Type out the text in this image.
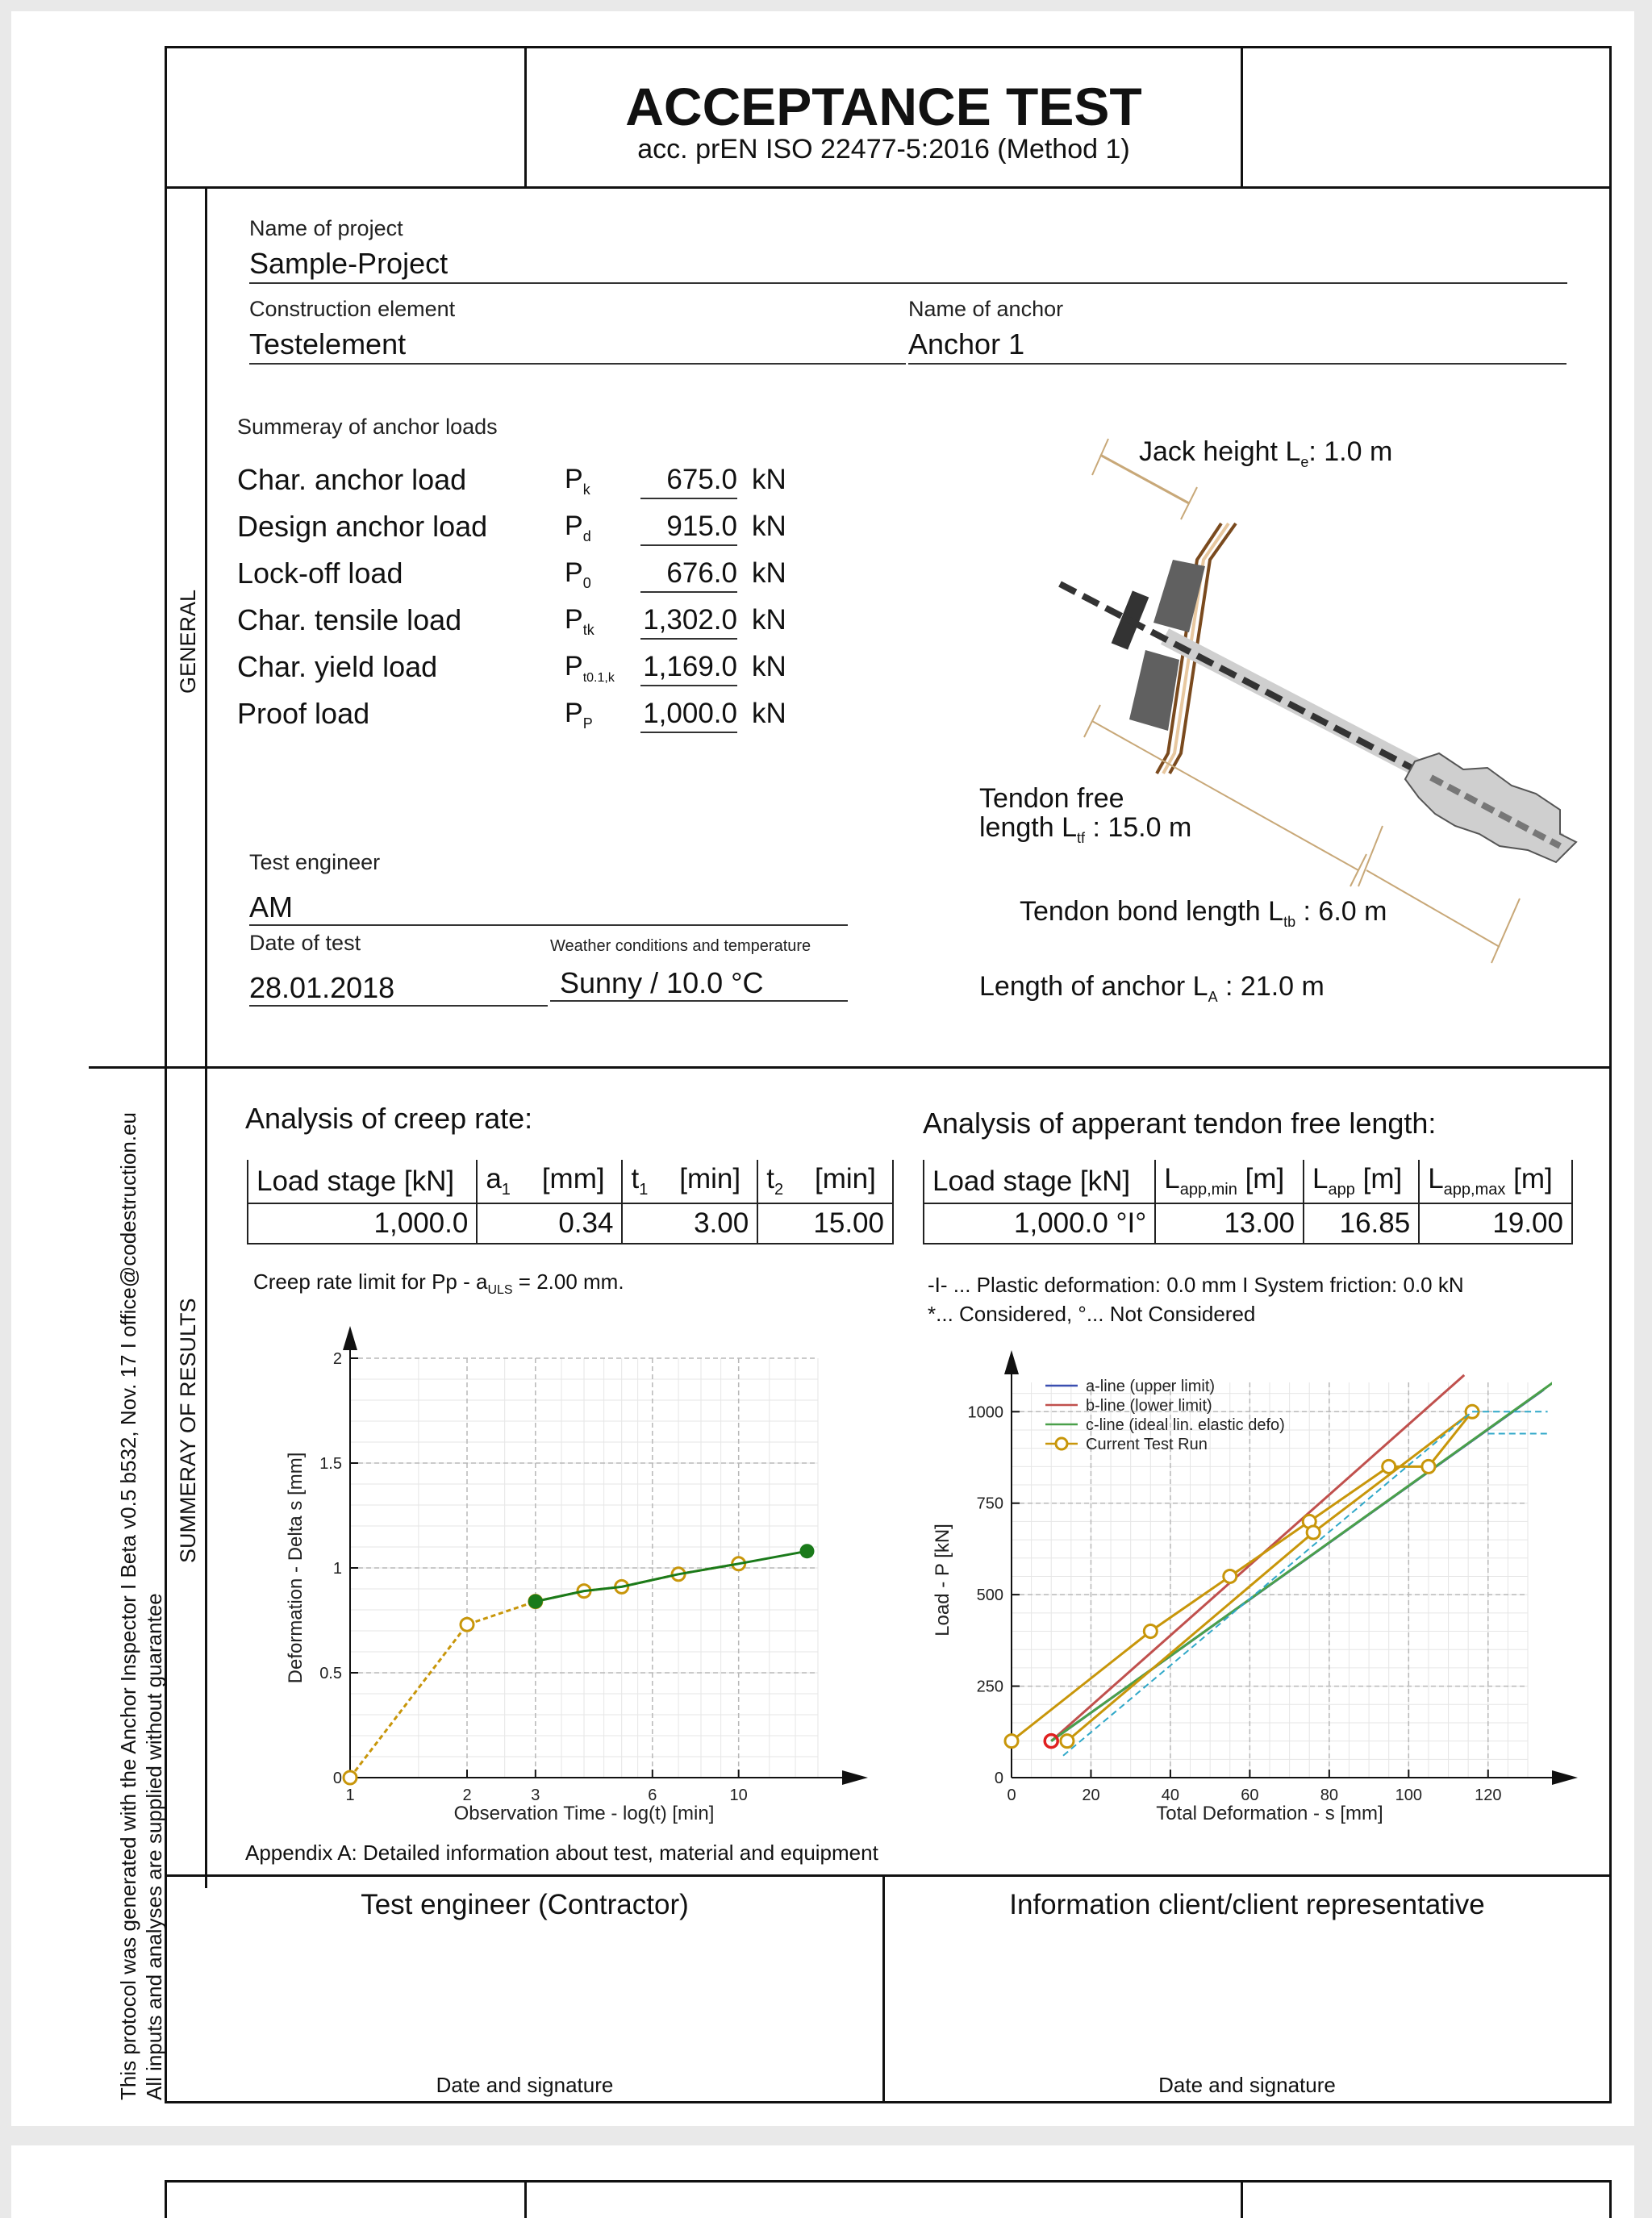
ACCEPTANCE TEST
acc. prEN ISO 22477-5:2016 (Method 1)
GENERAL
SUMMERAY OF RESULTS
This protocol was generated with the Anchor Inspector I Beta v0.5 b532, Nov. 17 I office@codestruction.eu All inputs and analyses are supplied without guarantee
Name of project
Sample-Project
Construction element
Testelement
Name of anchor
Anchor 1
Summeray of anchor loads
Char. anchor load	$P_k$	675.0 kN
Design anchor load	$P_d$	915.0 kN
Lock-off load	$P_0$	676.0 kN
Char. tensile load	$P_{tk}$ 1,302.0 kN
Char. yield load	$P_{t0.1,k}$ 1,169.0 kN
Proof load	$P_P$ 1,000.0 kN
Test engineer
AM
Date of test
28.01.2018
Weather conditions and temperature
Sunny / 10.0 °C
Jack height $L_e$: 1.0 m
Tendon free
length $L_{tf}$ : 15.0 m
Tendon bond length $L_{tb}$ : 6.0 m
Length of anchor $L_A$ : 21.0 m
Analysis of creep rate:
Load stage [kN]	$a_1$ [mm]	$t_1$ [min]	$t_2$ [min]
1,000.0	0.34	3.00	15.00
Creep rate limit for $Pp - a_{ULS} = 2.00$ mm.
1	2	3	6	10
0
0.5
1
1.5
2
Observation Time - log(t) [min]
Deformation - Delta s [mm]
Analysis of apperant tendon free length:
Load stage [kN]	$L_{app,min}$ [m]	$L_{app}$ [m]	$L_{app,max}$ [m]
1,000.0 °I°	13.00	16.85	19.00
-I- ... Plastic deformation: 0.0 mm I System friction: 0.0 kN
*... Considered, °... Not Considered
0	20	40	60	80	100	120
0
250
500
750
1000
Total Deformation - s [mm]
Load - P [kN]
a-line (upper limit)
b-line (lower limit)
c-line (ideal lin. elastic defo)
Current Test Run
Appendix A: Detailed information about test, material and equipment
Test engineer (Contractor)	Information client/client representative
Date and signature	Date and signature
